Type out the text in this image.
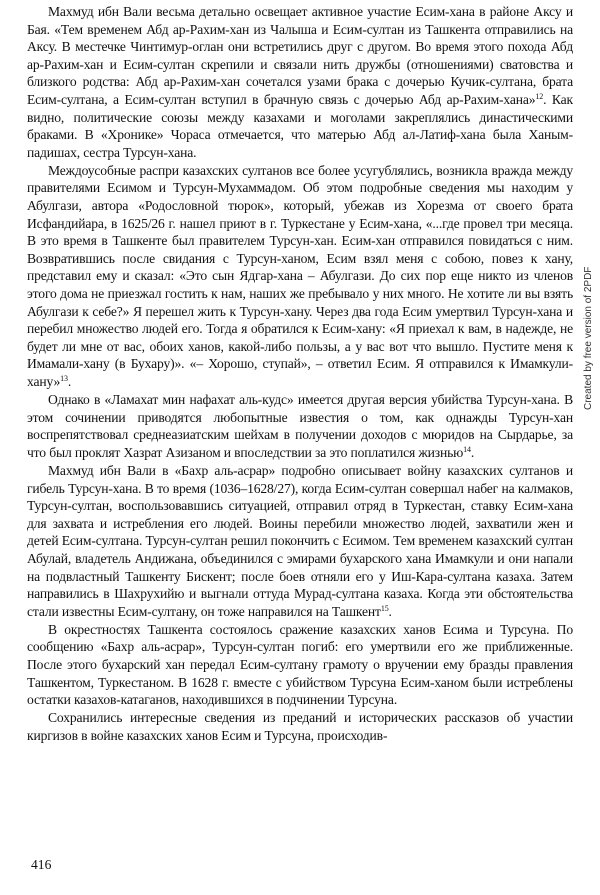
Махмуд ибн Вали весьма детально освещает активное участие Есим-хана в районе Аксу и Бая. «Тем временем Абд ар-Рахим-хан из Чалыша и Есим-султан из Ташкента отправились на Аксу. В местечке Чинтимур-оглан они встретились друг с другом. Во время этого похода Абд ар-Рахим-хан и Есим-султан скрепили и связали нить дружбы (отношениями) сватовства и близкого родства: Абд ар-Рахим-хан сочетался узами брака с дочерью Кучик-султана, брата Есим-султана, а Есим-султан вступил в брачную связь с дочерью Абд ар-Рахим-хана»$^{12}$. Как видно, политические союзы между казахами и моголами закреплялись династическими браками. В «Хронике» Чораса отмечается, что матерью Абд ал-Латиф-хана была Ханым-падишах, сестра Турсун-хана.

Междоусобные распри казахских султанов все более усугублялись, возникла вражда между правителями Есимом и Турсун-Мухаммадом. Об этом подробные сведения мы находим у Абулгази, автора «Родословной тюрок», который, убежав из Хорезма от своего брата Исфандийара, в 1625/26 г. нашел приют в г. Туркестане у Есим-хана, «...где провел три месяца. В это время в Ташкенте был правителем Турсун-хан. Есим-хан отправился повидаться с ним. Возвратившись после свидания с Турсун-ханом, Есим взял меня с собою, повез к хану, представил ему и сказал: «Это сын Ядгар-хана – Абулгази. До сих пор еще никто из членов этого дома не приезжал гостить к нам, наших же пребывало у них много. Не хотите ли вы взять Абулгази к себе?» Я перешел жить к Турсун-хану. Через два года Есим умертвил Турсун-хана и перебил множество людей его. Тогда я обратился к Есим-хану: «Я приехал к вам, в надежде, не будет ли мне от вас, обоих ханов, какой-либо пользы, а у вас вот что вышло. Пустите меня к Имамали-хану (в Бухару)». «– Хорошо, ступай», – ответил Есим. Я отправился к Имамкули-хану»$^{13}$.

Однако в «Ламахат мин нафахат аль-кудс» имеется другая версия убийства Турсун-хана. В этом сочинении приводятся любопытные известия о том, как однажды Турсун-хан воспрепятствовал среднеазиатским шейхам в получении доходов с мюридов на Сырдарье, за что был проклят Хазрат Азизаном и впоследствии за это поплатился жизнью$^{14}$.

Махмуд ибн Вали в «Бахр аль-асрар» подробно описывает войну казахских султанов и гибель Турсун-хана. В то время (1036–1628/27), когда Есим-султан совершал набег на калмаков, Турсун-султан, воспользовавшись ситуацией, отправил отряд в Туркестан, ставку Есим-хана для захвата и истребления его людей. Воины перебили множество людей, захватили жен и детей Есим-султана. Турсун-султан решил покончить с Есимом. Тем временем казахский султан Абулай, владетель Андижана, объединился с эмирами бухарского хана Имамкули и они напали на подвластный Ташкенту Бискент; после боев отняли его у Иш-Кара-султана казаха. Затем направились в Шахрухийю и выгнали оттуда Мурад-султана казаха. Когда эти обстоятельства стали известны Есим-султану, он тоже направился на Ташкент$^{15}$.

В окрестностях Ташкента состоялось сражение казахских ханов Есима и Турсуна. По сообщению «Бахр аль-асрар», Турсун-султан погиб: его умертвили его же приближенные. После этого бухарский хан передал Есим-султану грамоту о вручении ему бразды правления Ташкентом, Туркестаном. В 1628 г. вместе с убийством Турсуна Есим-ханом были истреблены остатки казахов-катаганов, находившихся в подчинении Турсуна.

Сохранились интересные сведения из преданий и исторических рассказов об участии киргизов в войне казахских ханов Есим и Турсуна, происходив-

416
Created by free version of 2PDF
